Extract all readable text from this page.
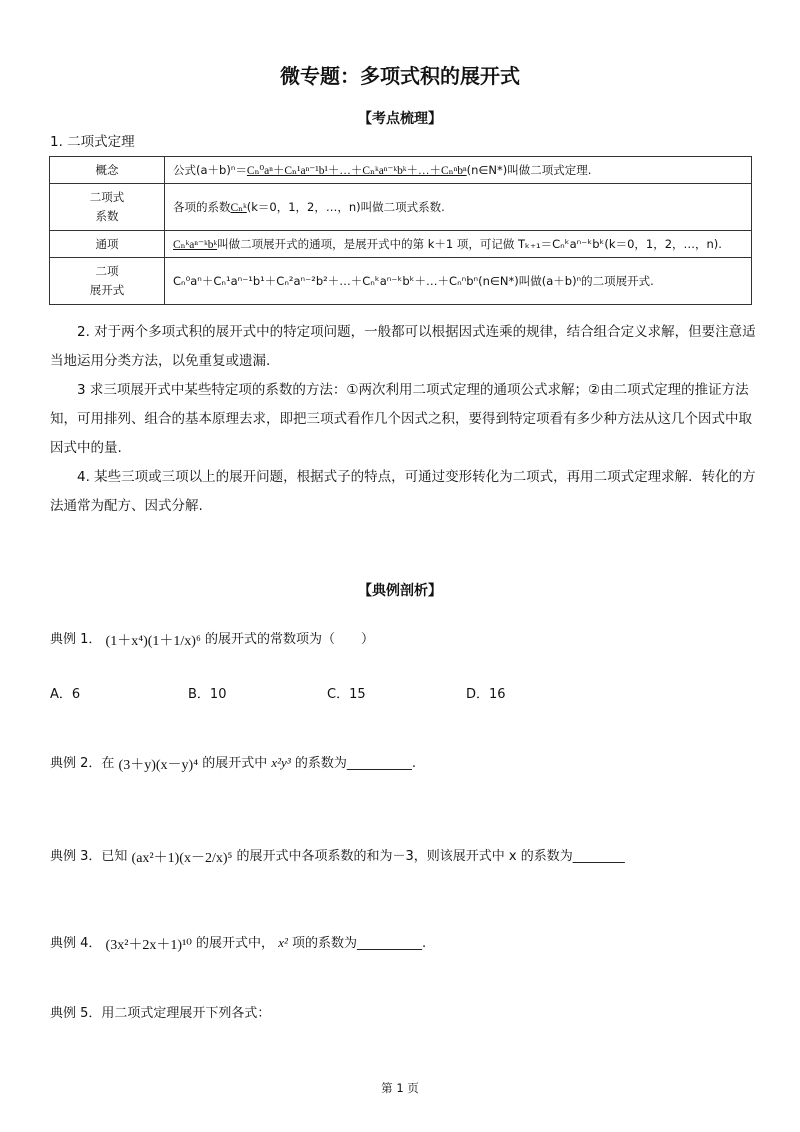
微专题：多项式积的展开式
【考点梳理】
1. 二项式定理
概念	公式(a＋b)ⁿ＝Cₙ⁰aⁿ＋Cₙ¹aⁿ⁻¹b¹＋…＋Cₙᵏaⁿ⁻ᵏbᵏ＋…＋Cₙⁿbⁿ(n∈N*)叫做二项式定理.
二项式
系数	各项的系数Cₙᵏ(k＝0，1，2，…，n)叫做二项式系数.
通项	Cₙᵏaⁿ⁻ᵏbᵏ叫做二项展开式的通项，是展开式中的第 k＋1 项，可记做 Tₖ₊₁＝Cₙᵏaⁿ⁻ᵏbᵏ(k＝0，1，2，…，n).
二项
展开式	Cₙ⁰aⁿ＋Cₙ¹aⁿ⁻¹b¹＋Cₙ²aⁿ⁻²b²＋…＋Cₙᵏaⁿ⁻ᵏbᵏ＋…＋Cₙⁿbⁿ(n∈N*)叫做(a＋b)ⁿ的二项展开式.
2. 对于两个多项式积的展开式中的特定项问题，一般都可以根据因式连乘的规律，结合组合定义求解，但要注意适当地运用分类方法，以免重复或遗漏.
3 求三项展开式中某些特定项的系数的方法：①两次利用二项式定理的通项公式求解；②由二项式定理的推证方法知，可用排列、组合的基本原理去求，即把三项式看作几个因式之积，要得到特定项看有多少种方法从这几个因式中取因式中的量.
4. 某些三项或三项以上的展开问题，根据式子的特点，可通过变形转化为二项式，再用二项式定理求解．转化的方法通常为配方、因式分解.
【典例剖析】
典例 1． (1＋x⁴)(1＋1/x)⁶ 的展开式的常数项为（　　）
A．6	B．10	C．15	D．16
典例 2．在 (3＋y)(x－y)⁴ 的展开式中 x²y³ 的系数为__________.
典例 3．已知 (ax²＋1)(x－2/x)⁵ 的展开式中各项系数的和为－3，则该展开式中 x 的系数为________
典例 4． (3x²＋2x＋1)¹⁰ 的展开式中， x² 项的系数为__________.
典例 5．用二项式定理展开下列各式：
第 1 页
